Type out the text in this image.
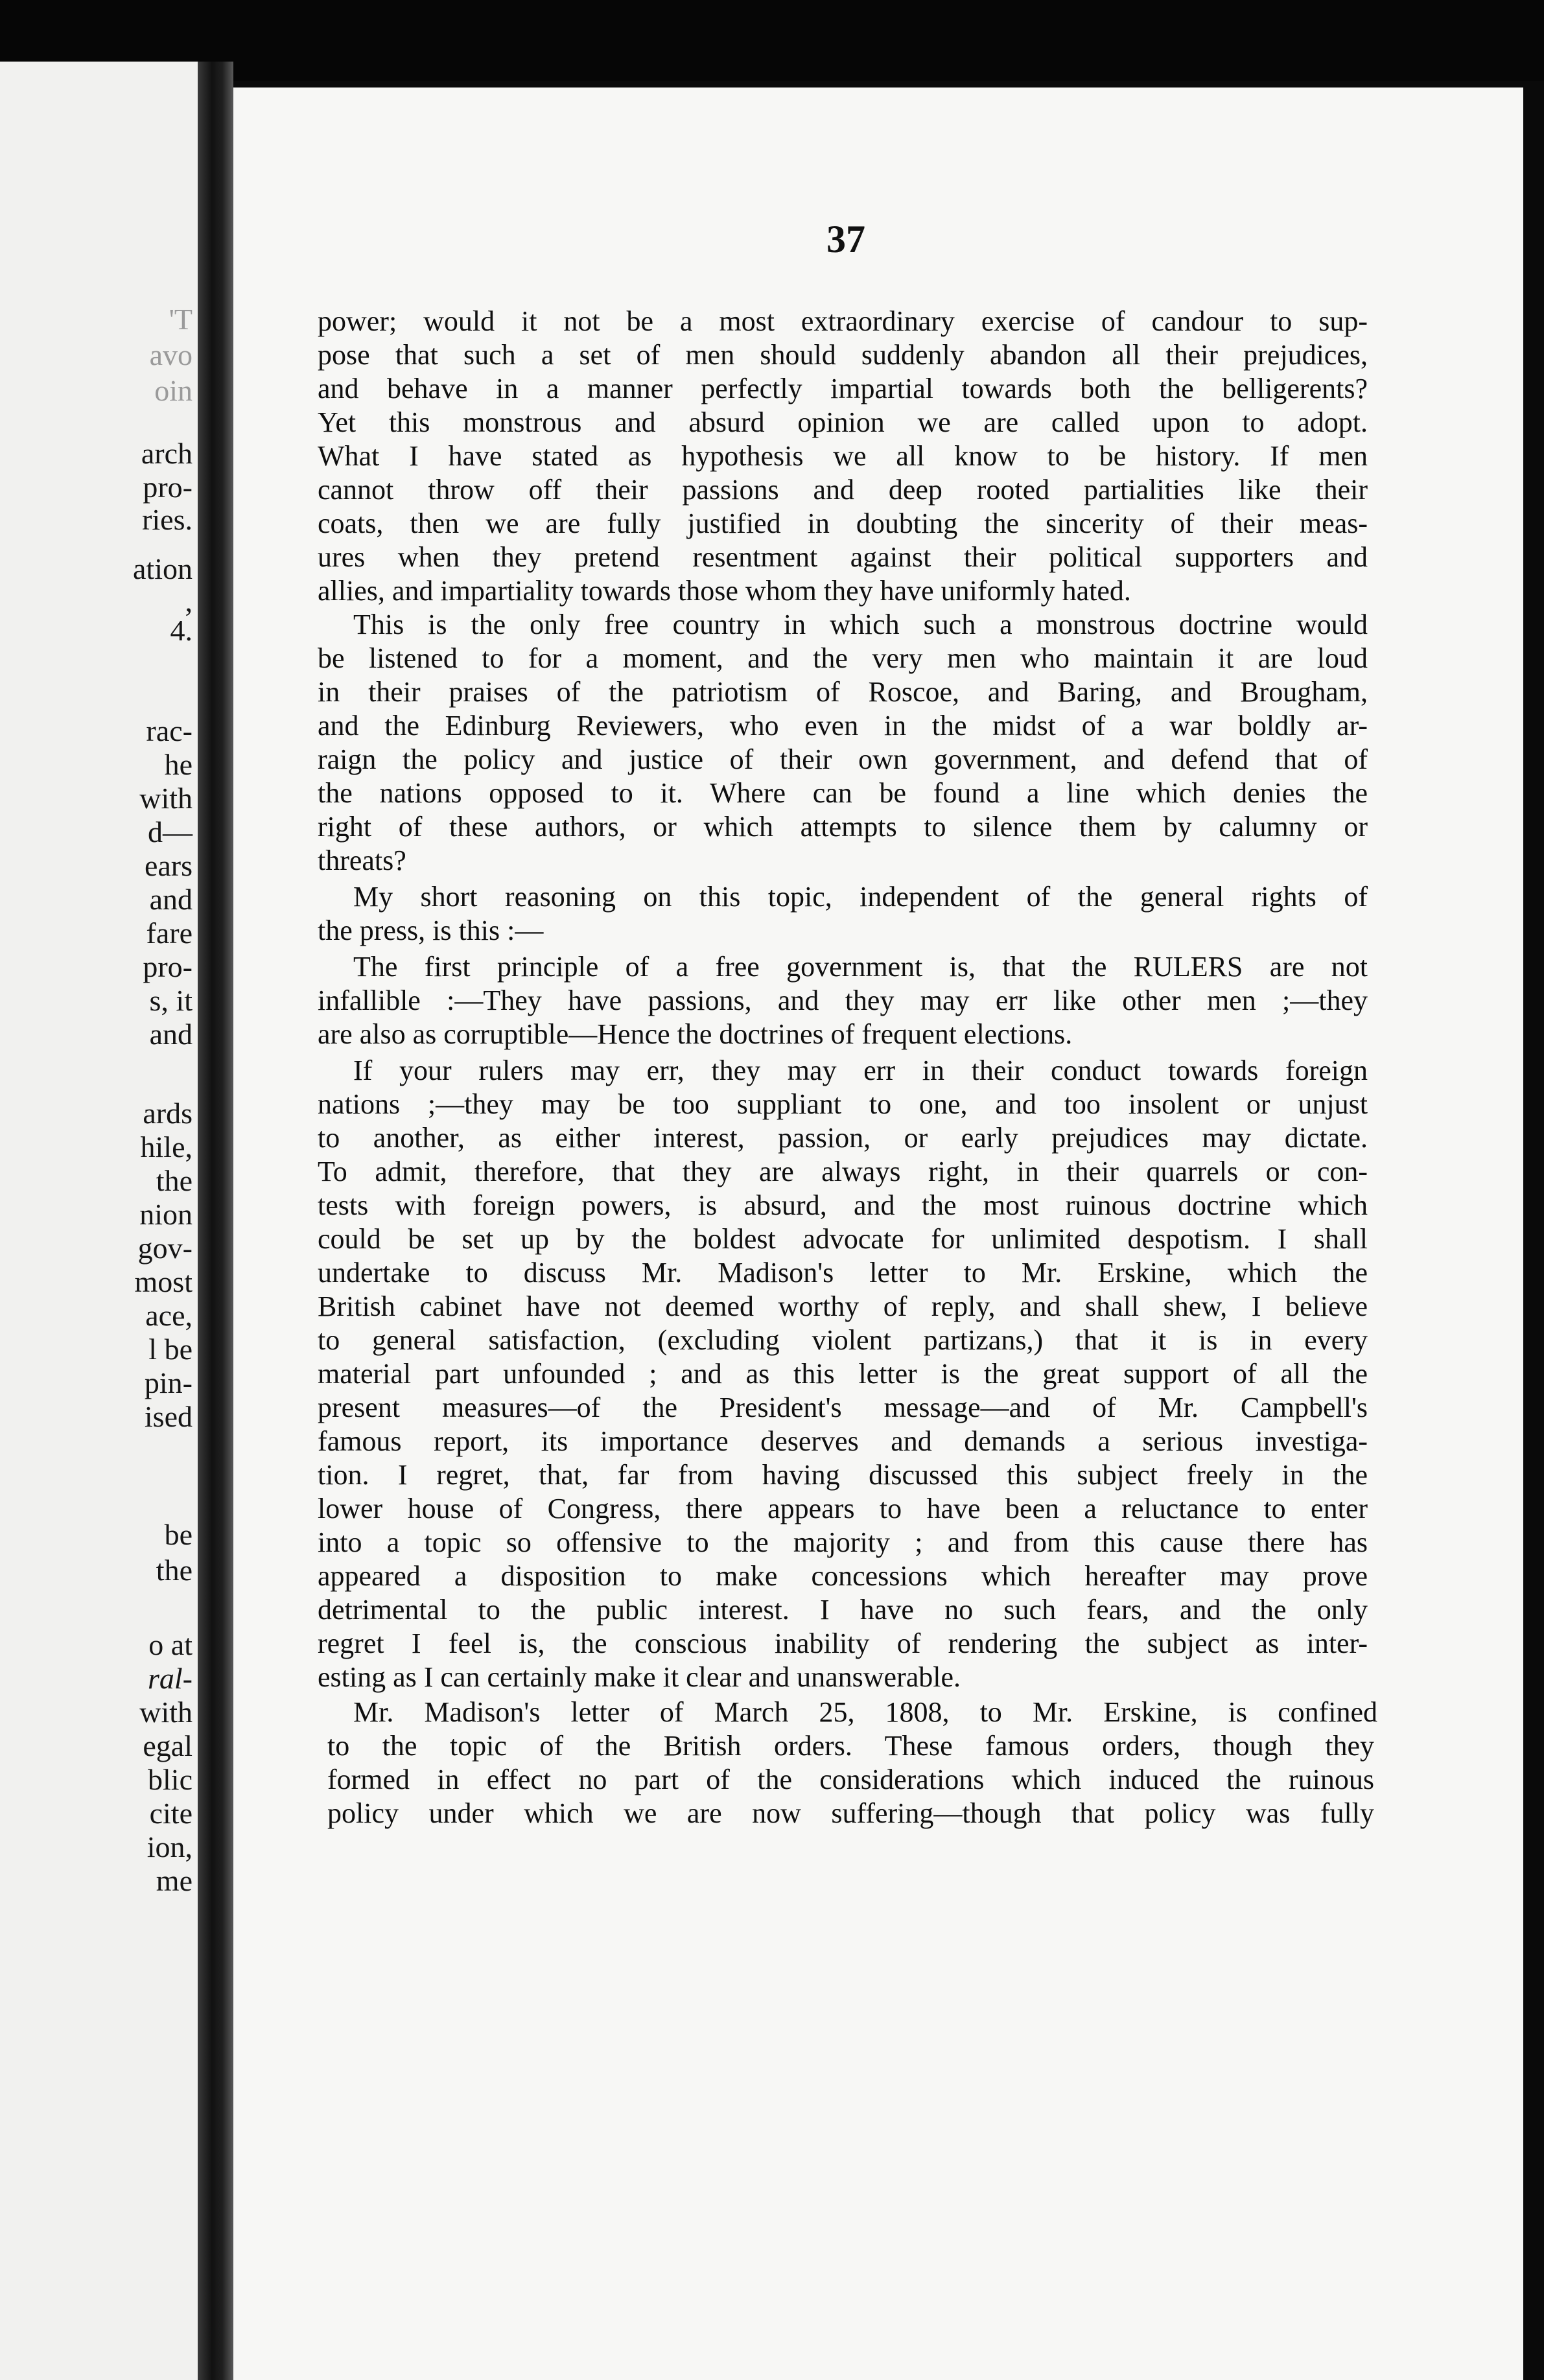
'T

avo

oin

arch

pro-

ries.

ation

,

4.

rac-

he

with

d—

ears

and

fare

pro-

s, it

and

ards

hile,

the

nion

gov-

most

ace,

l be

pin-

ised

be

the

o at

ral-

with

egal

blic

cite

ion,

me

37

power; would it not be a most extraordinary exercise of candour to sup-

pose that such a set of men should suddenly abandon all their prejudices,

and behave in a manner perfectly impartial towards both the belligerents?

Yet this monstrous and absurd opinion we are called upon to adopt.

What I have stated as hypothesis we all know to be history. If men

cannot throw off their passions and deep rooted partialities like their

coats, then we are fully justified in doubting the sincerity of their meas-

ures when they pretend resentment against their political supporters and

allies, and impartiality towards those whom they have uniformly hated.

This is the only free country in which such a monstrous doctrine would

be listened to for a moment, and the very men who maintain it are loud

in their praises of the patriotism of Roscoe, and Baring, and Brougham,

and the Edinburg Reviewers, who even in the midst of a war boldly ar-

raign the policy and justice of their own government, and defend that of

the nations opposed to it. Where can be found a line which denies the

right of these authors, or which attempts to silence them by calumny or

threats?

My short reasoning on this topic, independent of the general rights of

the press, is this :—

The first principle of a free government is, that the RULERS are not

infallible :—They have passions, and they may err like other men ;—they

are also as corruptible—Hence the doctrines of frequent elections.

If your rulers may err, they may err in their conduct towards foreign

nations ;—they may be too suppliant to one, and too insolent or unjust

to another, as either interest, passion, or early prejudices may dictate.

To admit, therefore, that they are always right, in their quarrels or con-

tests with foreign powers, is absurd, and the most ruinous doctrine which

could be set up by the boldest advocate for unlimited despotism. I shall

undertake to discuss Mr. Madison's letter to Mr. Erskine, which the

British cabinet have not deemed worthy of reply, and shall shew, I believe

to general satisfaction, (excluding violent partizans,) that it is in every

material part unfounded ; and as this letter is the great support of all the

present measures—of the President's message—and of Mr. Campbell's

famous report, its importance deserves and demands a serious investiga-

tion. I regret, that, far from having discussed this subject freely in the

lower house of Congress, there appears to have been a reluctance to enter

into a topic so offensive to the majority ; and from this cause there has

appeared a disposition to make concessions which hereafter may prove

detrimental to the public interest. I have no such fears, and the only

regret I feel is, the conscious inability of rendering the subject as inter-

esting as I can certainly make it clear and unanswerable.

Mr. Madison's letter of March 25, 1808, to Mr. Erskine, is confined

to the topic of the British orders. These famous orders, though they

formed in effect no part of the considerations which induced the ruinous

policy under which we are now suffering—though that policy was fully
